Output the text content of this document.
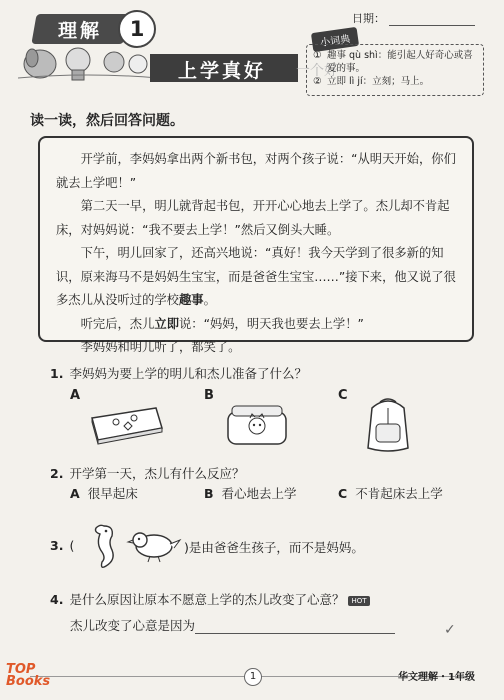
日期：
理解	1
上学真好 一个好
小词典
① 趣事 qù shì：能引起人好奇心或喜爱的事。
② 立即 lì jí：立刻；马上。
读一读，然后回答问题。

开学前，李妈妈拿出两个新书包，对两个孩子说：“从明天开始，你们就去上学吧！”

第二天一早，明儿就背起书包，开开心心地去上学了。杰儿却不肯起床，对妈妈说：“我不要去上学！”然后又倒头大睡。

下午，明儿回家了，还高兴地说：“真好！我今天学到了很多新的知识，原来海马不是妈妈生宝宝，而是爸爸生宝宝……”接下来，他又说了很多杰儿从没听过的学校趣事。

听完后，杰儿立即说：“妈妈，明天我也要去上学！”

李妈妈和明儿听了，都笑了。

1. 李妈妈为要上学的明儿和杰儿准备了什么？
A	B	C
2. 开学第一天，杰儿有什么反应？
A 很早起床	B 看心地去上学	C 不肯起床去上学
3. (	)是由爸爸生孩子，而不是妈妈。
4. 是什么原因让原本不愿意上学的杰儿改变了心意？ HOT
杰儿改变了心意是因为	✓
TOP
Books	1	华文理解・1年级
